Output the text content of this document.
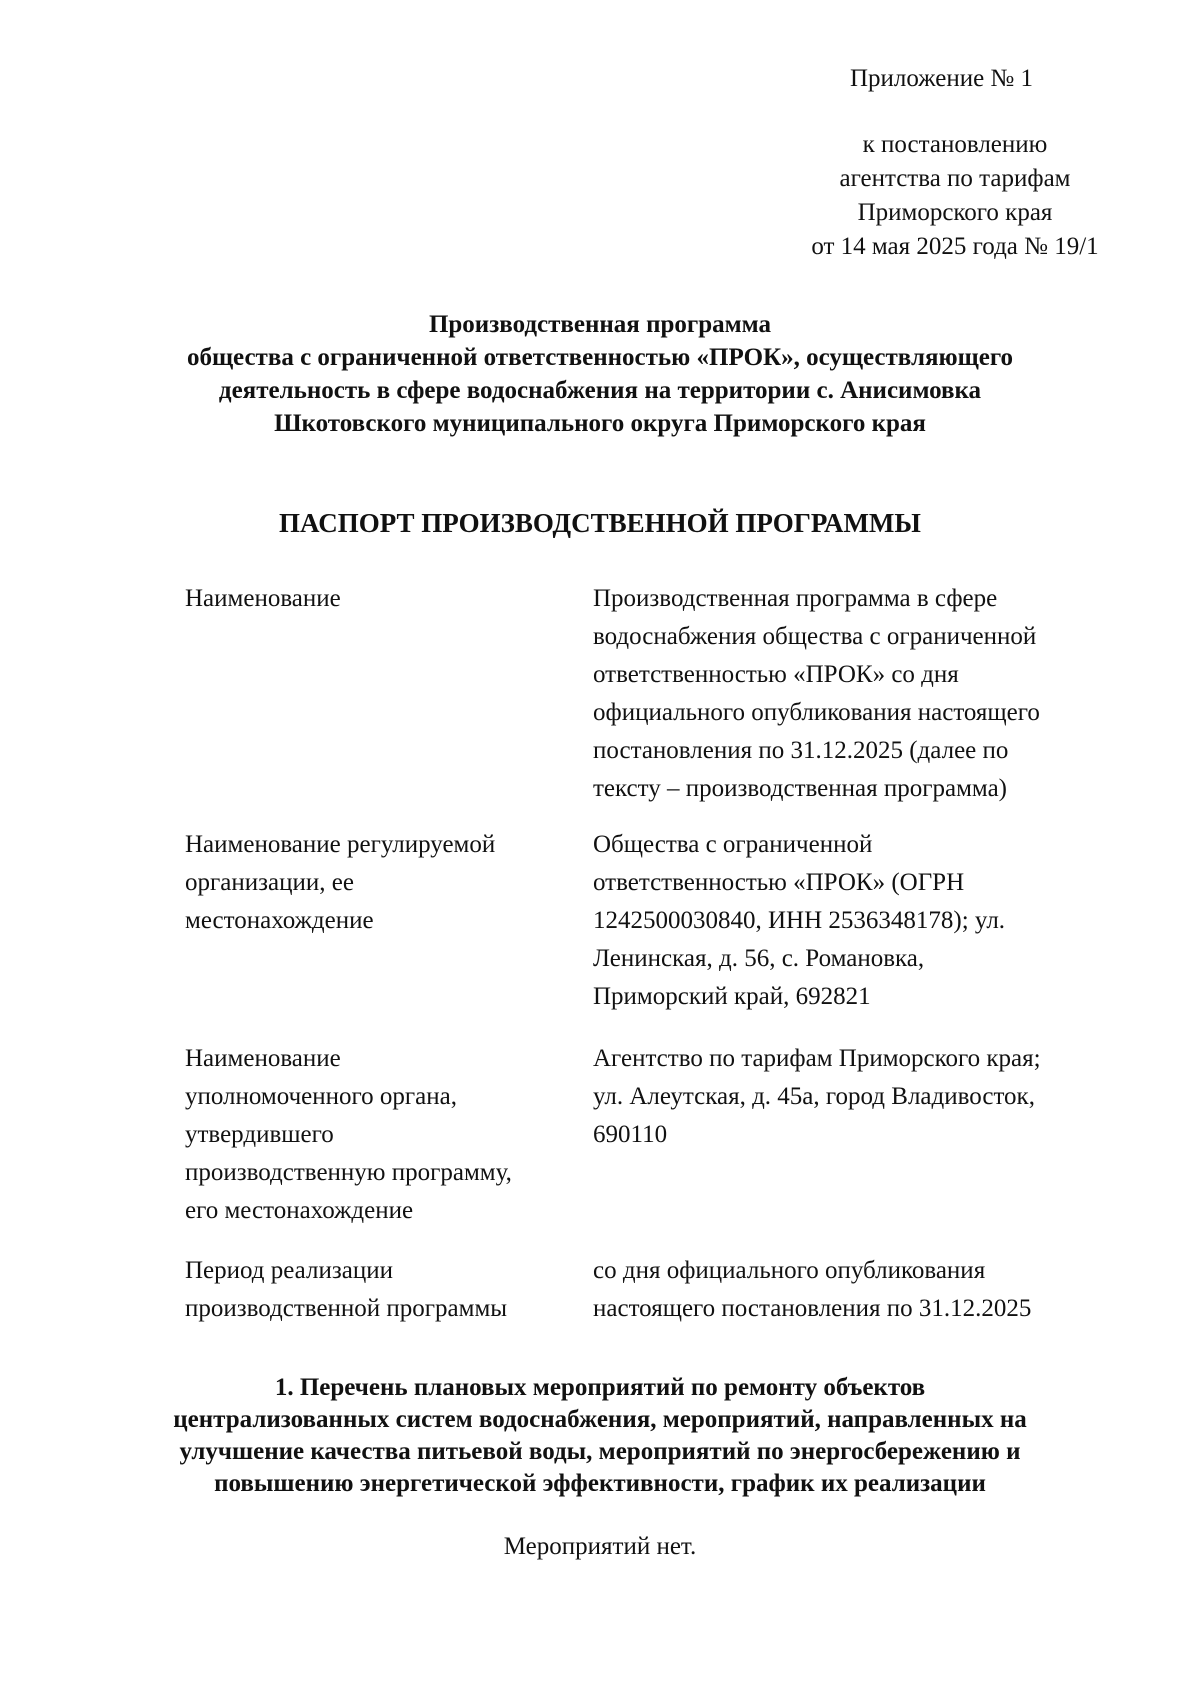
Приложение № 1
к постановлению
агентства по тарифам
Приморского края
от 14 мая 2025 года № 19/1
Производственная программа
общества с ограниченной ответственностью «ПРОК», осуществляющего
деятельность в сфере водоснабжения на территории с. Анисимовка
Шкотовского муниципального округа Приморского края
ПАСПОРТ ПРОИЗВОДСТВЕННОЙ ПРОГРАММЫ
Наименование	Производственная программа в сфере
водоснабжения общества с ограниченной
ответственностью «ПРОК» со дня
официального опубликования настоящего
постановления по 31.12.2025 (далее по
тексту – производственная программа)
Наименование регулируемой
организации, ее
местонахождение
Общества с ограниченной
ответственностью «ПРОК» (ОГРН
1242500030840, ИНН 2536348178); ул.
Ленинская, д. 56, с. Романовка,
Приморский край, 692821
Наименование
уполномоченного органа,
утвердившего
производственную программу,
его местонахождение
Агентство по тарифам Приморского края;
ул. Алеутская, д. 45а, город Владивосток,
690110
Период реализации
производственной программы
со дня официального опубликования
настоящего постановления по 31.12.2025
1. Перечень плановых мероприятий по ремонту объектов
централизованных систем водоснабжения, мероприятий, направленных на
улучшение качества питьевой воды, мероприятий по энергосбережению и
повышению энергетической эффективности, график их реализации
Мероприятий нет.
